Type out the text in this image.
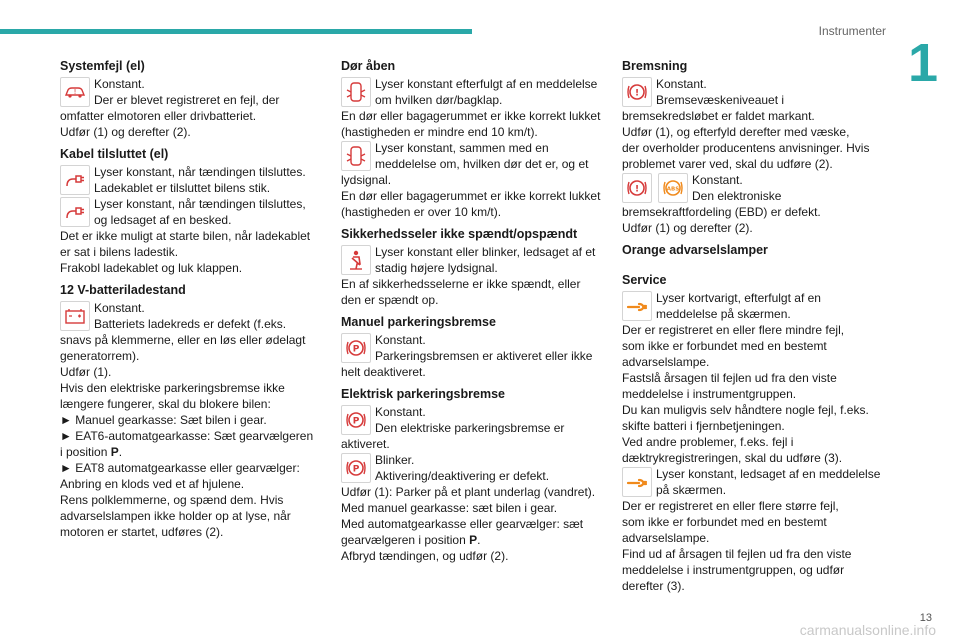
Instrumenter
1
13
carmanualsonline.info
Systemfejl (el)
!

Konstant.

Der er blevet registreret en fejl, der

omfatter elmotoren eller drivbatteriet.

Udfør (1) og derefter (2).

Kabel tilsluttet (el)

Lyser konstant, når tændingen tilsluttes.

Ladekablet er tilsluttet bilens stik.

Lyser konstant, når tændingen tilsluttes,

og ledsaget af en besked.

Det er ikke muligt at starte bilen, når ladekablet

er sat i bilens ladestik.

Frakobl ladekablet og luk klappen.

12 V-batteriladestand

Konstant.

Batteriets ladekreds er defekt (f.eks.

snavs på klemmerne, eller en løs eller ødelagt

generatorrem).

Udfør (1).

Hvis den elektriske parkeringsbremse ikke

længere fungerer, skal du blokere bilen:

► Manuel gearkasse: Sæt bilen i gear.

► EAT6-automatgearkasse: Sæt gearvælgeren

i position P.

► EAT8 automatgearkasse eller gearvælger:

Anbring en klods ved et af hjulene.

Rens polklemmerne, og spænd dem. Hvis

advarselslampen ikke holder op at lyse, når

motoren er startet, udføres (2).

Dør åben

Lyser konstant efterfulgt af en meddelelse

om hvilken dør/bagklap.

En dør eller bagagerummet er ikke korrekt lukket

(hastigheden er mindre end 10 km/t).

Lyser konstant, sammen med en

meddelelse om, hvilken dør det er, og et

lydsignal.

En dør eller bagagerummet er ikke korrekt lukket

(hastigheden er over 10 km/t).

Sikkerhedsseler ikke spændt/opspændt

Lyser konstant eller blinker, ledsaget af et

stadig højere lydsignal.

En af sikkerhedsselerne er ikke spændt, eller

den er spændt op.

Manuel parkeringsbremse
P

Konstant.

Parkeringsbremsen er aktiveret eller ikke

helt deaktiveret.

Elektrisk parkeringsbremse
P

Konstant.

Den elektriske parkeringsbremse er

aktiveret.

P

Blinker.

Aktivering/deaktivering er defekt.

Udfør (1): Parker på et plant underlag (vandret).

Med manuel gearkasse: sæt bilen i gear.

Med automatgearkasse eller gearvælger: sæt

gearvælgeren i position P.

Afbryd tændingen, og udfør (2).

Bremsning
!

Konstant.

Bremsevæskeniveauet i

bremsekredsløbet er faldet markant.

Udfør (1), og efterfyld derefter med væske,

der overholder producentens anvisninger. Hvis

problemet varer ved, skal du udføre (2).

!	ABS

Konstant.

Den elektroniske

bremsekraftfordeling (EBD) er defekt.

Udfør (1) og derefter (2).

Orange advarselslamper
Service

Lyser kortvarigt, efterfulgt af en

meddelelse på skærmen.

Der er registreret en eller flere mindre fejl,

som ikke er forbundet med en bestemt

advarselslampe.

Fastslå årsagen til fejlen ud fra den viste

meddelelse i instrumentgruppen.

Du kan muligvis selv håndtere nogle fejl, f.eks.

skifte batteri i fjernbetjeningen.

Ved andre problemer, f.eks. fejl i

dæktrykregistreringen, skal du udføre (3).

Lyser konstant, ledsaget af en meddelelse

på skærmen.

Der er registreret en eller flere større fejl,

som ikke er forbundet med en bestemt

advarselslampe.

Find ud af årsagen til fejlen ud fra den viste

meddelelse i instrumentgruppen, og udfør

derefter (3).
